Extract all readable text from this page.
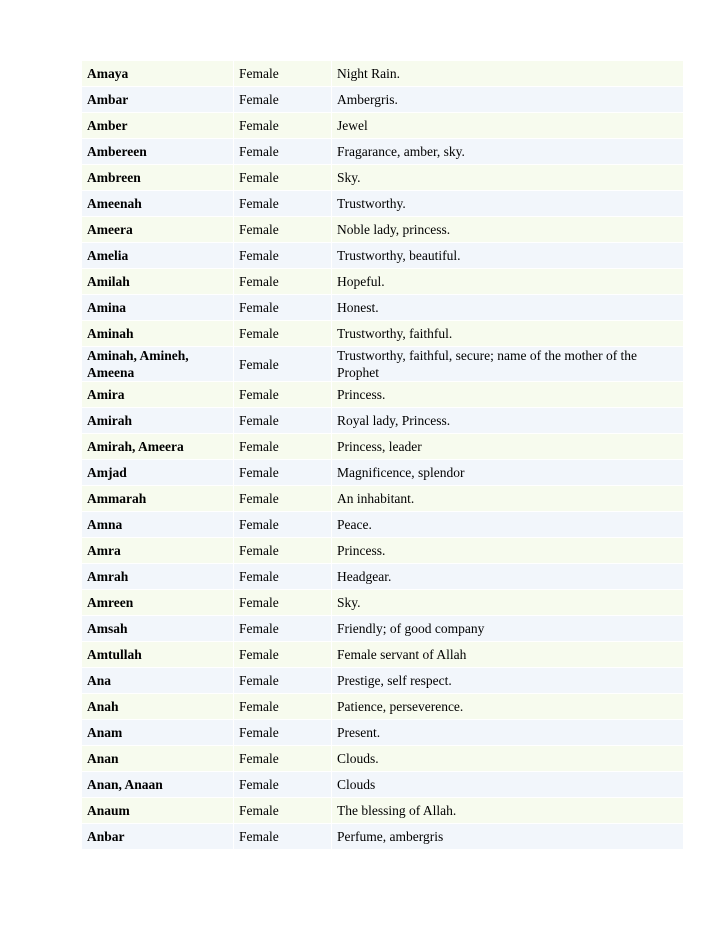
Amaya	Female	Night Rain.
Ambar	Female	Ambergris.
Amber	Female	Jewel
Ambereen	Female	Fragarance, amber, sky.
Ambreen	Female	Sky.
Ameenah	Female	Trustworthy.
Ameera	Female	Noble lady, princess.
Amelia	Female	Trustworthy, beautiful.
Amilah	Female	Hopeful.
Amina	Female	Honest.
Aminah	Female	Trustworthy, faithful.
Aminah, Amineh, Ameena	Female	Trustworthy, faithful, secure; name of the mother of the Prophet
Amira	Female	Princess.
Amirah	Female	Royal lady, Princess.
Amirah, Ameera	Female	Princess, leader
Amjad	Female	Magnificence, splendor
Ammarah	Female	An inhabitant.
Amna	Female	Peace.
Amra	Female	Princess.
Amrah	Female	Headgear.
Amreen	Female	Sky.
Amsah	Female	Friendly; of good company
Amtullah	Female	Female servant of Allah
Ana	Female	Prestige, self respect.
Anah	Female	Patience, perseverence.
Anam	Female	Present.
Anan	Female	Clouds.
Anan, Anaan	Female	Clouds
Anaum	Female	The blessing of Allah.
Anbar	Female	Perfume, ambergris
